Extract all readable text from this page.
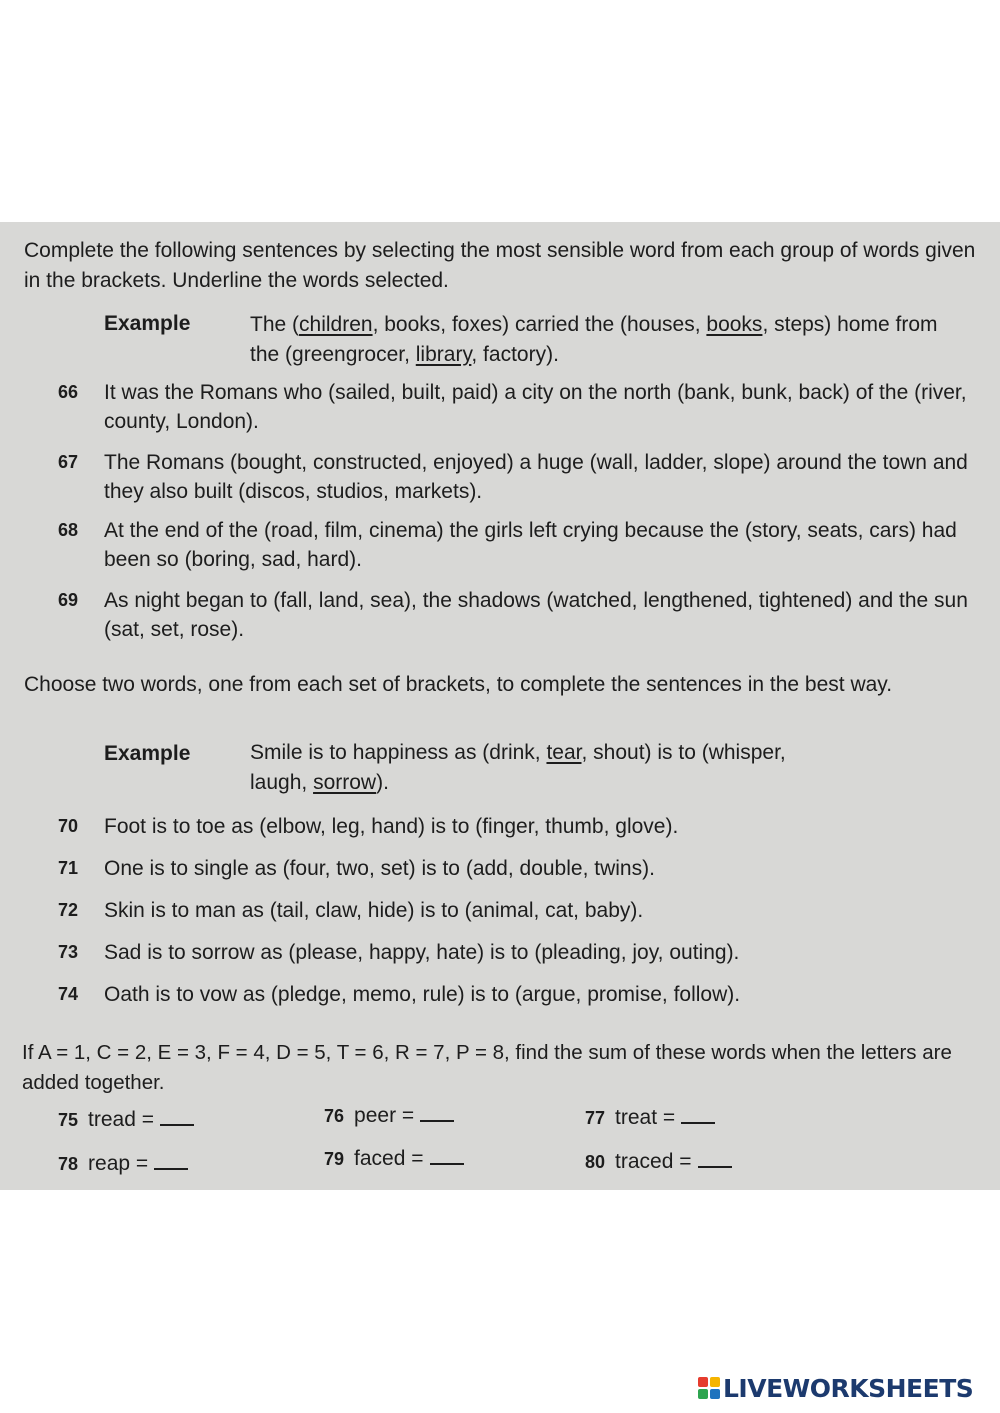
Complete the following sentences by selecting the most sensible word from each group of words given in the brackets. Underline the words selected.

Example	The (children, books, foxes) carried the (houses, books, steps) home from the (greengrocer, library, factory).

66 It was the Romans who (sailed, built, paid) a city on the north (bank, bunk, back) of the (river, county, London).

67 The Romans (bought, constructed, enjoyed) a huge (wall, ladder, slope) around the town and they also built (discos, studios, markets).

68 At the end of the (road, film, cinema) the girls left crying because the (story, seats, cars) had been so (boring, sad, hard).

69 As night began to (fall, land, sea), the shadows (watched, lengthened, tightened) and the sun (sat, set, rose).

Choose two words, one from each set of brackets, to complete the sentences in the best way.

Example	Smile is to happiness as (drink, tear, shout) is to (whisper, laugh, sorrow).

70 Foot is to toe as (elbow, leg, hand) is to (finger, thumb, glove).

71 One is to single as (four, two, set) is to (add, double, twins).

72 Skin is to man as (tail, claw, hide) is to (animal, cat, baby).

73 Sad is to sorrow as (please, happy, hate) is to (pleading, joy, outing).

74 Oath is to vow as (pledge, memo, rule) is to (argue, promise, follow).

If A = 1, C = 2, E = 3, F = 4, D = 5, T = 6, R = 7, P = 8, find the sum of these words when the letters are added together.

75 tread =	76 peer =	77 treat =
78 reap =	79 faced =	80 traced =
LIVEWORKSHEETS
